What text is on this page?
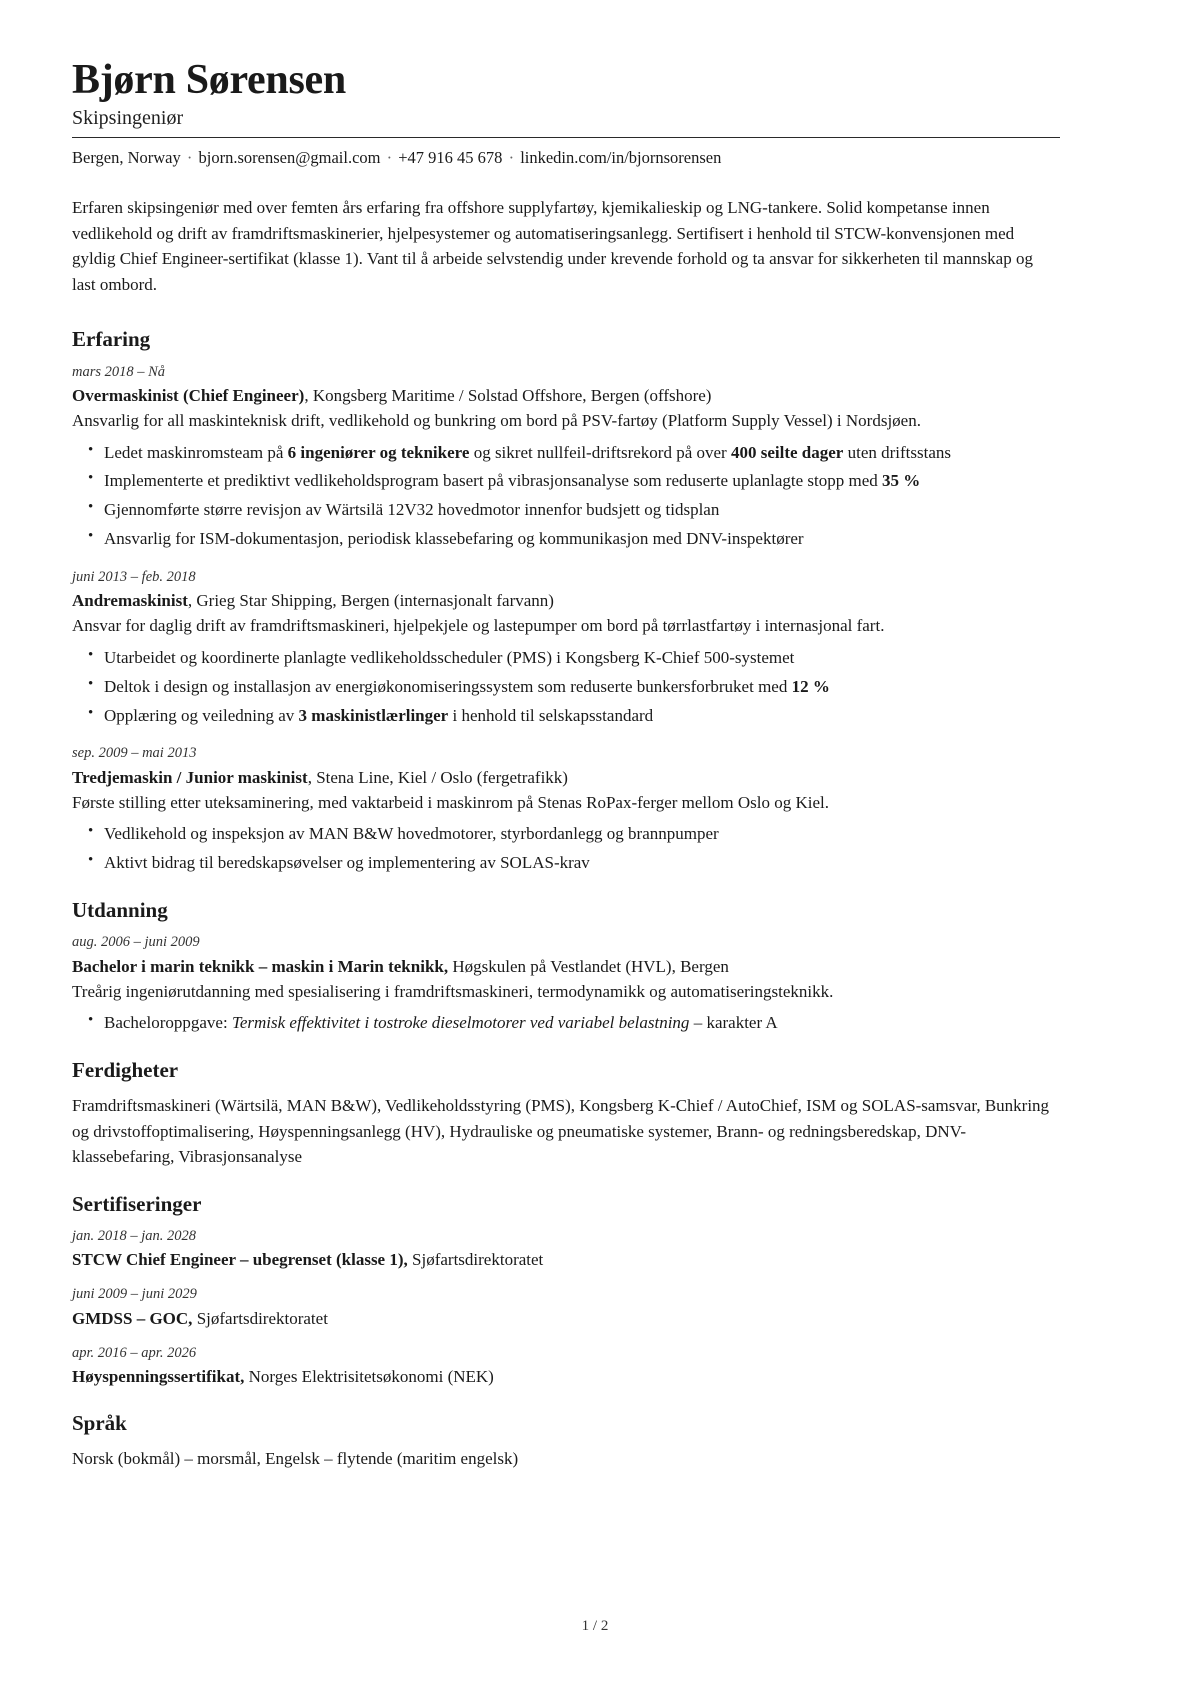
Bjørn Sørensen
Skipsingeniør
Bergen, Norway · bjorn.sorensen@gmail.com · +47 916 45 678 · linkedin.com/in/bjornsorensen

Erfaren skipsingeniør med over femten års erfaring fra offshore supplyfartøy, kjemikalieskip og LNG-tankere. Solid kompetanse innen vedlikehold og drift av framdriftsmaskinerier, hjelpesystemer og automatiseringsanlegg. Sertifisert i henhold til STCW-konvensjonen med gyldig Chief Engineer-sertifikat (klasse 1). Vant til å arbeide selvstendig under krevende forhold og ta ansvar for sikkerheten til mannskap og last ombord.

Erfaring
mars 2018 – Nå
Overmaskinist (Chief Engineer), Kongsberg Maritime / Solstad Offshore, Bergen (offshore)
Ansvarlig for all maskinteknisk drift, vedlikehold og bunkring om bord på PSV-fartøy (Platform Supply Vessel) i Nordsjøen.
• Ledet maskinromsteam på 6 ingeniører og teknikere og sikret nullfeil-driftsrekord på over 400 seilte dager uten driftsstans
• Implementerte et prediktivt vedlikeholdsprogram basert på vibrasjonsanalyse som reduserte uplanlagte stopp med 35 %
• Gjennomførte større revisjon av Wärtsilä 12V32 hovedmotor innenfor budsjett og tidsplan
• Ansvarlig for ISM-dokumentasjon, periodisk klassebefaring og kommunikasjon med DNV-inspektører
juni 2013 – feb. 2018
Andremaskinist, Grieg Star Shipping, Bergen (internasjonalt farvann)
Ansvar for daglig drift av framdriftsmaskineri, hjelpekjele og lastepumper om bord på tørrlastfartøy i internasjonal fart.
• Utarbeidet og koordinerte planlagte vedlikeholdsscheduler (PMS) i Kongsberg K-Chief 500-systemet
• Deltok i design og installasjon av energiøkonomiseringssystem som reduserte bunkersforbruket med 12 %
• Opplæring og veiledning av 3 maskinistlærlinger i henhold til selskapsstandard
sep. 2009 – mai 2013
Tredjemaskin / Junior maskinist, Stena Line, Kiel / Oslo (fergetrafikk)
Første stilling etter uteksaminering, med vaktarbeid i maskinrom på Stenas RoPax-ferger mellom Oslo og Kiel.
• Vedlikehold og inspeksjon av MAN B&W hovedmotorer, styrbordanlegg og brannpumper
• Aktivt bidrag til beredskapsøvelser og implementering av SOLAS-krav
Utdanning
aug. 2006 – juni 2009
Bachelor i marin teknikk – maskin i Marin teknikk, Høgskulen på Vestlandet (HVL), Bergen
Treårig ingeniørutdanning med spesialisering i framdriftsmaskineri, termodynamikk og automatiseringsteknikk.
• Bacheloroppgave: Termisk effektivitet i tostroke dieselmotorer ved variabel belastning – karakter A
Ferdigheter

Framdriftsmaskineri (Wärtsilä, MAN B&W), Vedlikeholdsstyring (PMS), Kongsberg K-Chief / AutoChief, ISM og SOLAS-samsvar, Bunkring og drivstoffoptimalisering, Høyspenningsanlegg (HV), Hydrauliske og pneumatiske systemer, Brann- og redningsberedskap, DNV-klassebefaring, Vibrasjonsanalyse

Sertifiseringer
jan. 2018 – jan. 2028
STCW Chief Engineer – ubegrenset (klasse 1), Sjøfartsdirektoratet
juni 2009 – juni 2029
GMDSS – GOC, Sjøfartsdirektoratet
apr. 2016 – apr. 2026
Høyspenningssertifikat, Norges Elektrisitetsøkonomi (NEK)
Språk

Norsk (bokmål) – morsmål, Engelsk – flytende (maritim engelsk)

1 / 2
